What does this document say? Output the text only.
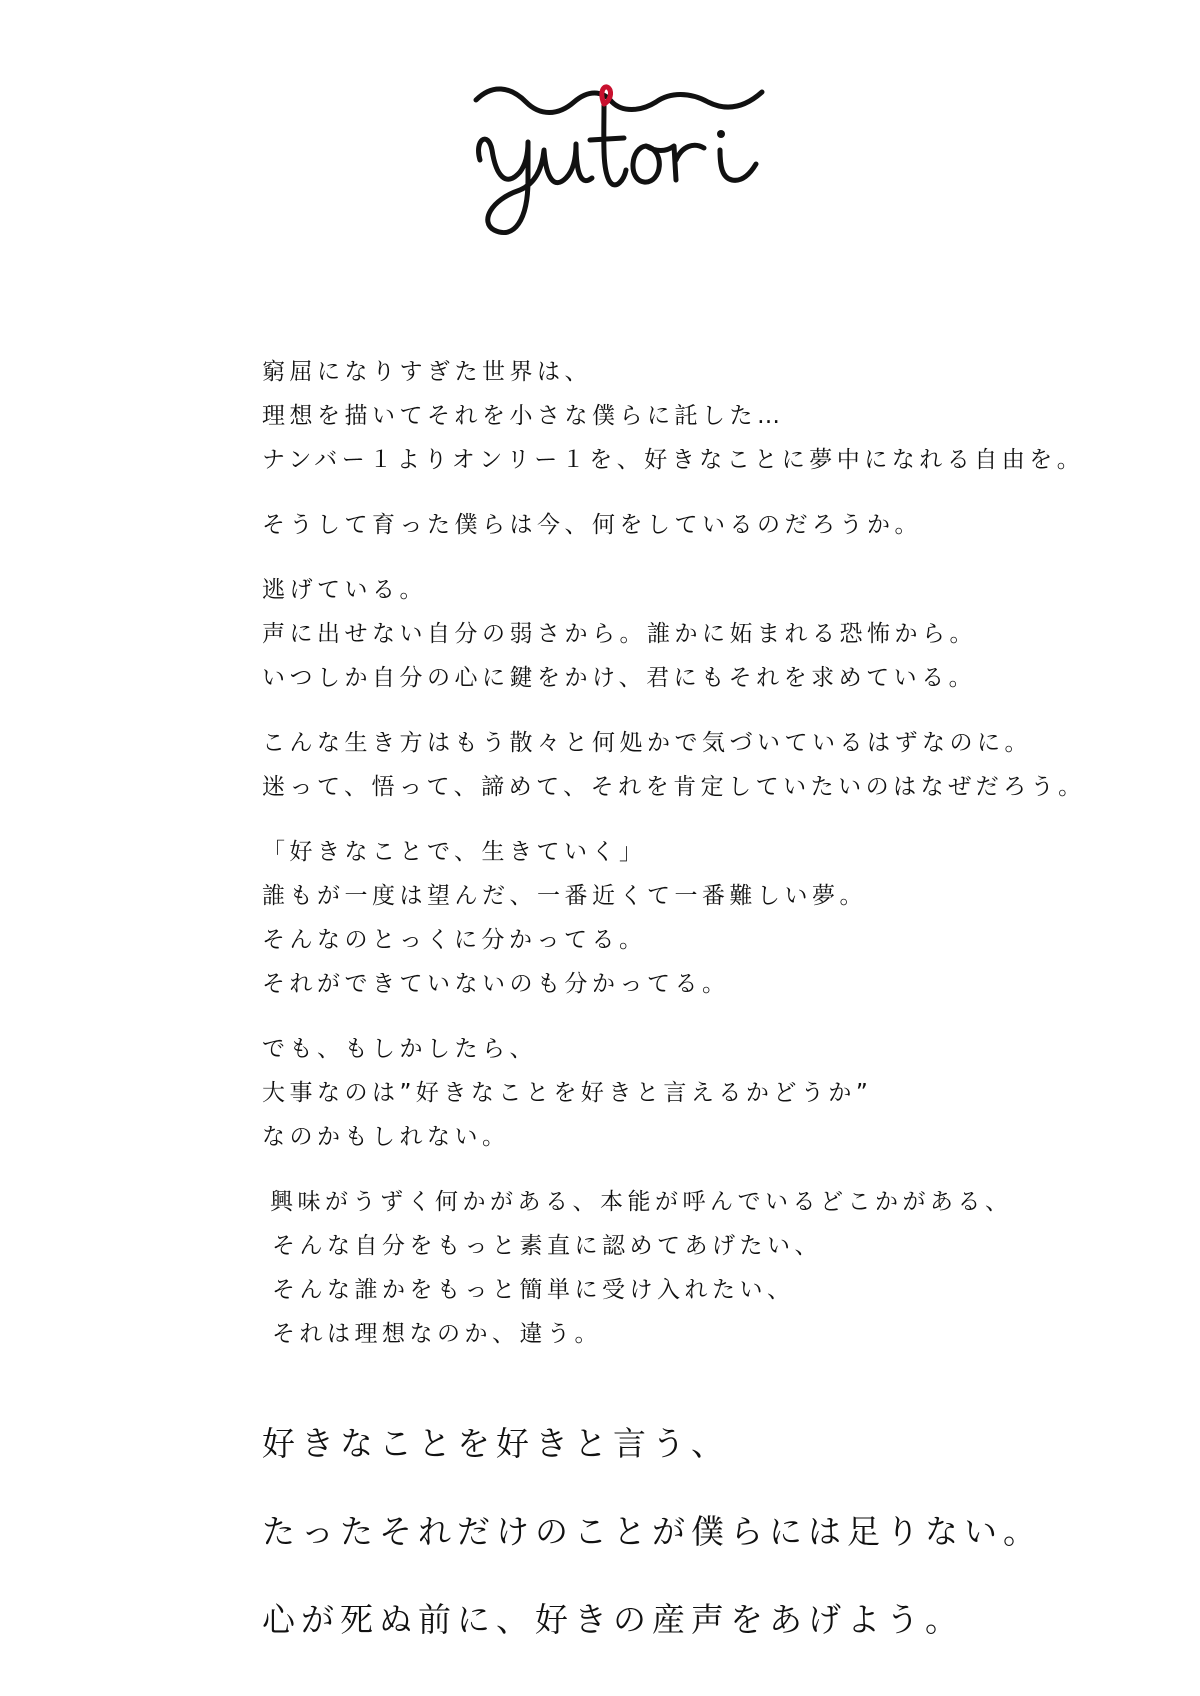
窮屈になりすぎた世界は、
理想を描いてそれを小さな僕らに託した…
ナンバー１よりオンリー１を、好きなことに夢中になれる自由を。
そうして育った僕らは今、何をしているのだろうか。
逃げている。
声に出せない自分の弱さから。誰かに妬まれる恐怖から。
いつしか自分の心に鍵をかけ、君にもそれを求めている。
こんな生き方はもう散々と何処かで気づいているはずなのに。
迷って、悟って、諦めて、それを肯定していたいのはなぜだろう。
「好きなことで、生きていく」
誰もが一度は望んだ、一番近くて一番難しい夢。
そんなのとっくに分かってる。
それができていないのも分かってる。
でも、もしかしたら、
大事なのは”好きなことを好きと言えるかどうか”
なのかもしれない。
興味がうずく何かがある、本能が呼んでいるどこかがある、
そんな自分をもっと素直に認めてあげたい、
そんな誰かをもっと簡単に受け入れたい、
それは理想なのか、違う。
好きなことを好きと言う、
たったそれだけのことが僕らには足りない。
心が死ぬ前に、好きの産声をあげよう。
